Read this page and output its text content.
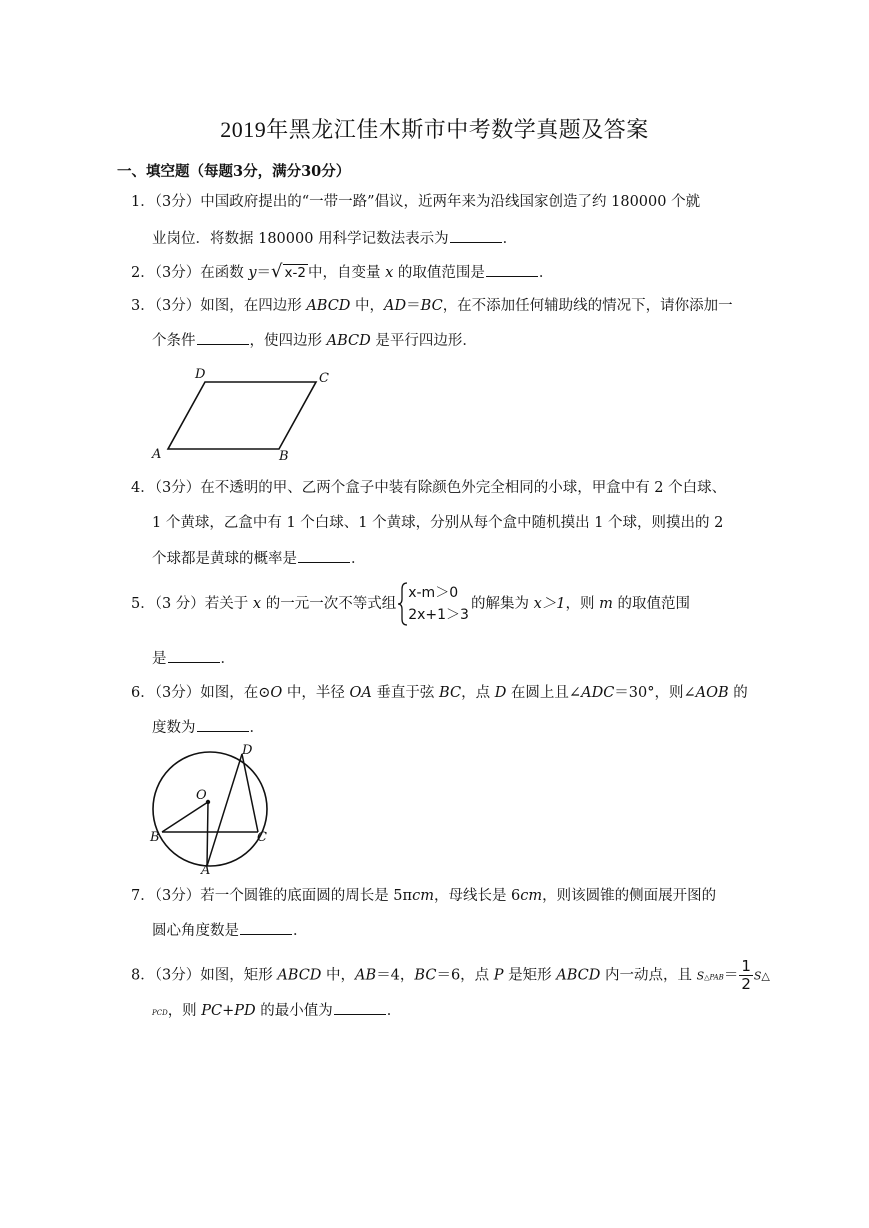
2019年黑龙江佳木斯市中考数学真题及答案
一、填空题（每题3分，满分30分）
1．（3分）中国政府提出的“一带一路”倡议，近两年来为沿线国家创造了约 180000 个就
业岗位．将数据 180000 用科学记数法表示为	．
2．（3分）在函数 y＝√ x-2 中，自变量 x 的取值范围是	．
3．（3分）如图，在四边形 ABCD 中，AD＝BC，在不添加任何辅助线的情况下，请你添加一
个条件	，使四边形 ABCD 是平行四边形．
D	C
A	B
4．（3分）在不透明的甲、乙两个盒子中装有除颜色外完全相同的小球，甲盒中有 2 个白球、
1 个黄球，乙盒中有 1 个白球、1 个黄球，分别从每个盒中随机摸出 1 个球，则摸出的 2
个球都是黄球的概率是	．
5．（3 分）若关于 x 的一元一次不等式组
x-m＞0
2x+1＞3
的解集为 x＞1，则 m 的取值范围
是	．
6．（3分）如图，在⊙O 中，半径 OA 垂直于弦 BC，点 D 在圆上且∠ADC＝30°，则∠AOB 的
度数为	．
D
O
B	C
A
7．（3分）若一个圆锥的底面圆的周长是 5πcm，母线长是 6cm，则该圆锥的侧面展开图的
圆心角度数是	．
8．（3分）如图，矩形 ABCD 中，AB＝4，BC＝6，点 P 是矩形 ABCD 内一动点，且 S△PAB＝ $\frac{1}{2}$ S△
PCD，则 PC+PD 的最小值为	．
